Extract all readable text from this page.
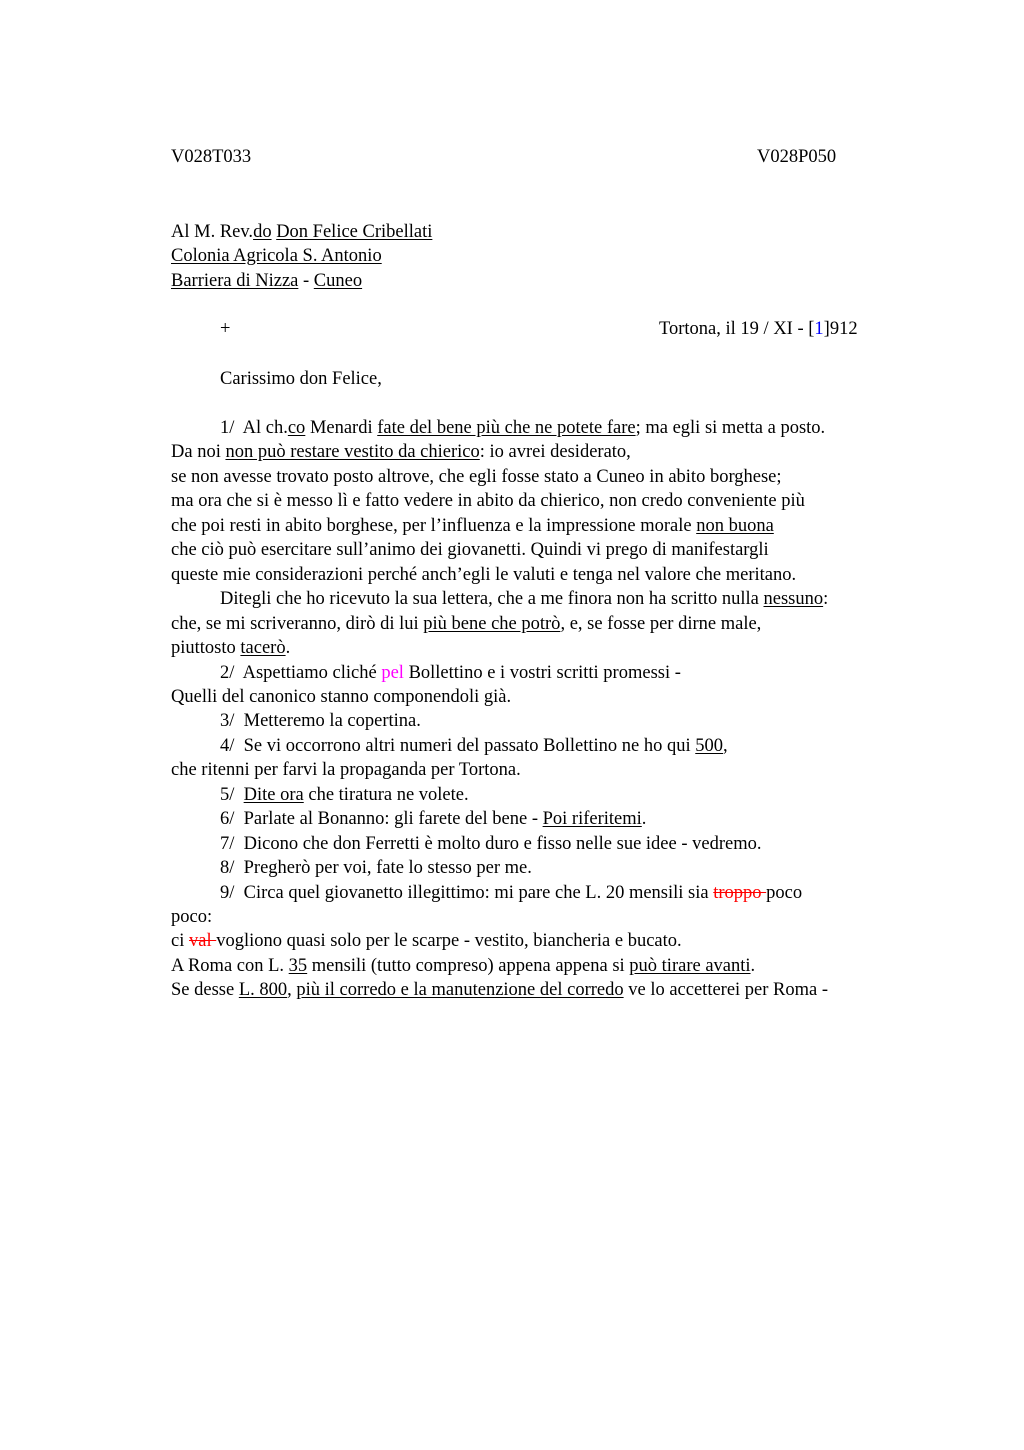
V028T033	V028P050
Al M. Rev.do Don Felice Cribellati
Colonia Agricola S. Antonio
Barriera di Nizza - Cuneo
+	Tortona, il 19 / XI - [1]912
Carissimo don Felice,
1/  Al ch.co Menardi fate del bene più che ne potete fare; ma egli si metta a posto.
Da noi non può restare vestito da chierico: io avrei desiderato,
se non avesse trovato posto altrove, che egli fosse stato a Cuneo in abito borghese;
ma ora che si è messo lì e fatto vedere in abito da chierico, non credo conveniente più
che poi resti in abito borghese, per l’influenza e la impressione morale non buona
che ciò può esercitare sull’animo dei giovanetti. Quindi vi prego di manifestargli
queste mie considerazioni perché anch’egli le valuti e tenga nel valore che meritano.
Ditegli che ho ricevuto la sua lettera, che a me finora non ha scritto nulla nessuno:
che, se mi scriveranno, dirò di lui più bene che potrò, e, se fosse per dirne male,
piuttosto tacerò.
2/  Aspettiamo cliché pel Bollettino e i vostri scritti promessi -
Quelli del canonico stanno componendoli già.
3/  Metteremo la copertina.
4/  Se vi occorrono altri numeri del passato Bollettino ne ho qui 500,
che ritenni per farvi la propaganda per Tortona.
5/  Dite ora che tiratura ne volete.
6/  Parlate al Bonanno: gli farete del bene - Poi riferitemi.
7/  Dicono che don Ferretti è molto duro e fisso nelle sue idee - vedremo.
8/  Pregherò per voi, fate lo stesso per me.
9/  Circa quel giovanetto illegittimo: mi pare che L. 20 mensili sia troppo poco
poco:
ci val vogliono quasi solo per le scarpe - vestito, biancheria e bucato.
A Roma con L. 35 mensili (tutto compreso) appena appena si può tirare avanti.
Se desse L. 800, più il corredo e la manutenzione del corredo ve lo accetterei per Roma -
